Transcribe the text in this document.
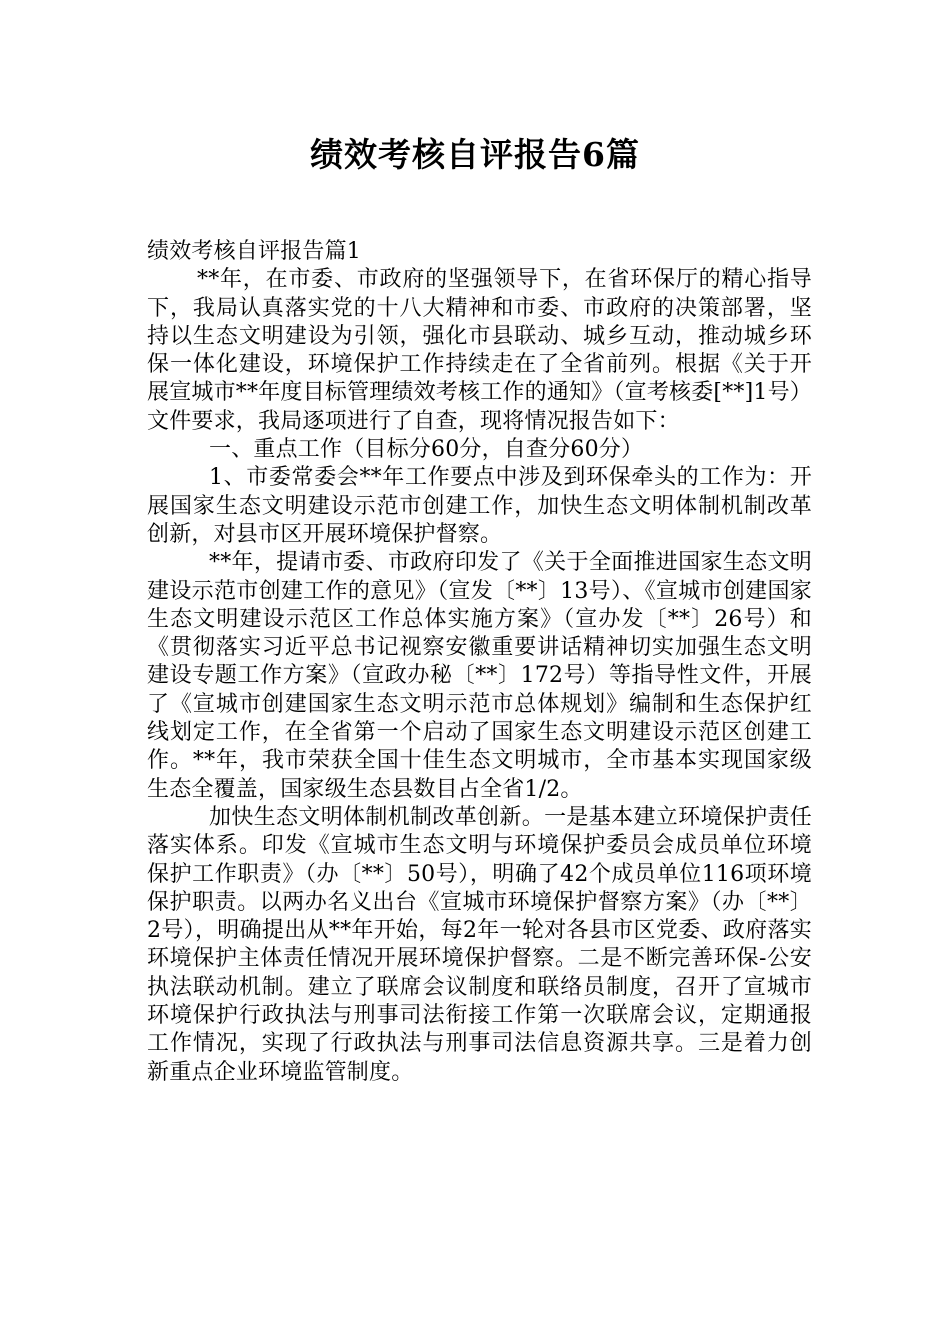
绩效考核自评报告6篇

绩效考核自评报告篇1

**年，在市委、市政府的坚强领导下，在省环保厅的精心指导下，我局认真落实党的十八大精神和市委、市政府的决策部署，坚持以生态文明建设为引领，强化市县联动、城乡互动，推动城乡环保一体化建设，环境保护工作持续走在了全省前列。根据《关于开展宣城市**年度目标管理绩效考核工作的通知》（宣考核委[**]1号）文件要求，我局逐项进行了自查，现将情况报告如下：

一、重点工作（目标分60分，自查分60分）

1、市委常委会**年工作要点中涉及到环保牵头的工作为：开展国家生态文明建设示范市创建工作，加快生态文明体制机制改革创新，对县市区开展环境保护督察。

**年，提请市委、市政府印发了《关于全面推进国家生态文明建设示范市创建工作的意见》（宣发〔**〕13号）、《宣城市创建国家生态文明建设示范区工作总体实施方案》（宣办发〔**〕26号）和《贯彻落实习近平总书记视察安徽重要讲话精神切实加强生态文明建设专题工作方案》（宣政办秘〔**〕172号）等指导性文件，开展了《宣城市创建国家生态文明示范市总体规划》编制和生态保护红线划定工作，在全省第一个启动了国家生态文明建设示范区创建工作。**年，我市荣获全国十佳生态文明城市，全市基本实现国家级生态全覆盖，国家级生态县数目占全省1/2。

加快生态文明体制机制改革创新。一是基本建立环境保护责任落实体系。印发《宣城市生态文明与环境保护委员会成员单位环境保护工作职责》（办〔**〕50号），明确了42个成员单位116项环境保护职责。以两办名义出台《宣城市环境保护督察方案》（办〔**〕2号），明确提出从**年开始，每2年一轮对各县市区党委、政府落实环境保护主体责任情况开展环境保护督察。二是不断完善环保-公安执法联动机制。建立了联席会议制度和联络员制度，召开了宣城市环境保护行政执法与刑事司法衔接工作第一次联席会议，定期通报工作情况，实现了行政执法与刑事司法信息资源共享。三是着力创新重点企业环境监管制度。
